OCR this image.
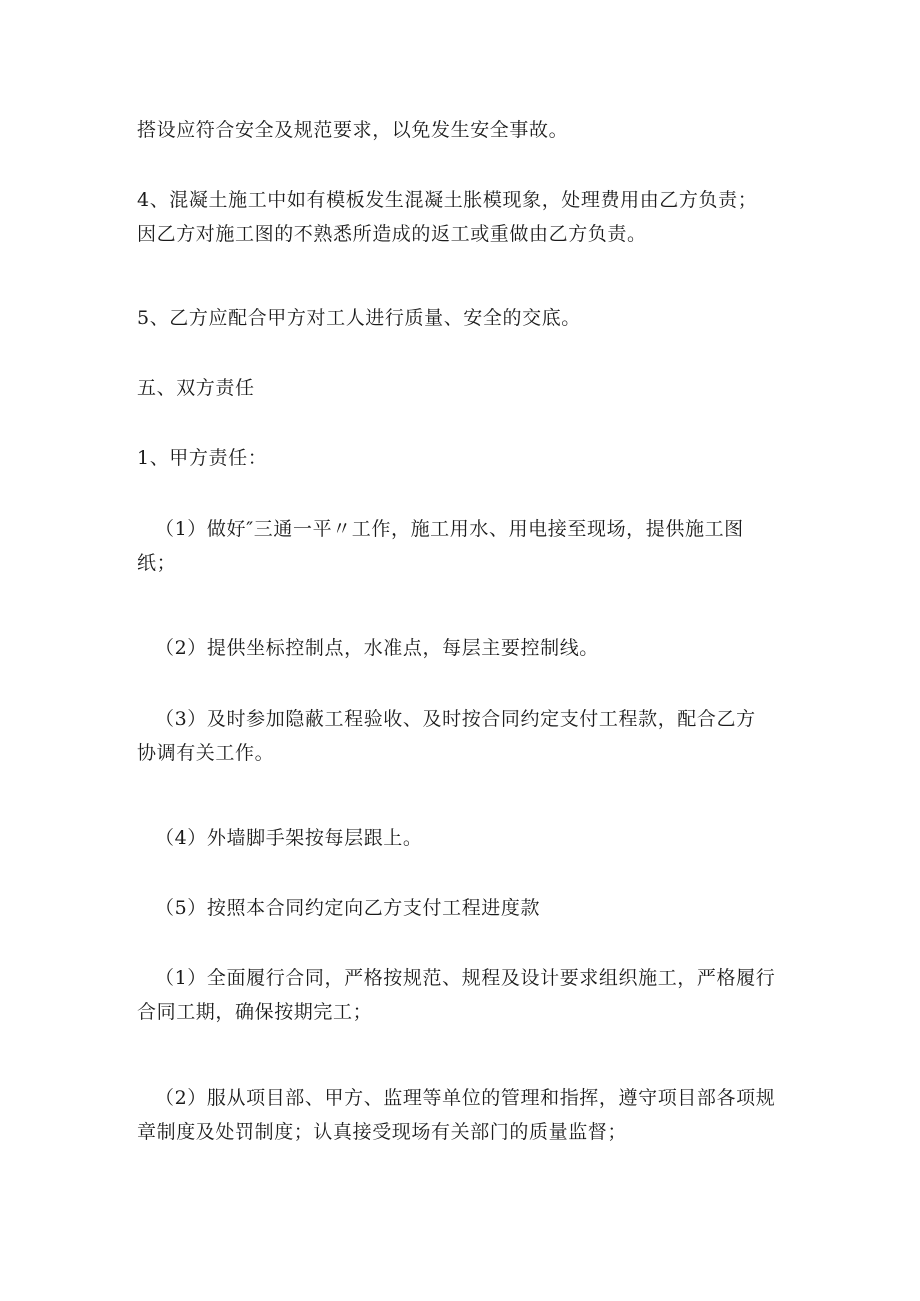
搭设应符合安全及规范要求，以免发生安全事故。
4、混凝土施工中如有模板发生混凝土胀模现象，处理费用由乙方负责；
因乙方对施工图的不熟悉所造成的返工或重做由乙方负责。
5、乙方应配合甲方对工人进行质量、安全的交底。
五、双方责任
1、甲方责任：
（1）做好″三通一平〃工作，施工用水、用电接至现场，提供施工图
纸；
（2）提供坐标控制点，水准点，每层主要控制线。
（3）及时参加隐蔽工程验收、及时按合同约定支付工程款，配合乙方
协调有关工作。
（4）外墙脚手架按每层跟上。
（5）按照本合同约定向乙方支付工程进度款
（1）全面履行合同，严格按规范、规程及设计要求组织施工，严格履行
合同工期，确保按期完工；
（2）服从项目部、甲方、监理等单位的管理和指挥，遵守项目部各项规
章制度及处罚制度；认真接受现场有关部门的质量监督；
